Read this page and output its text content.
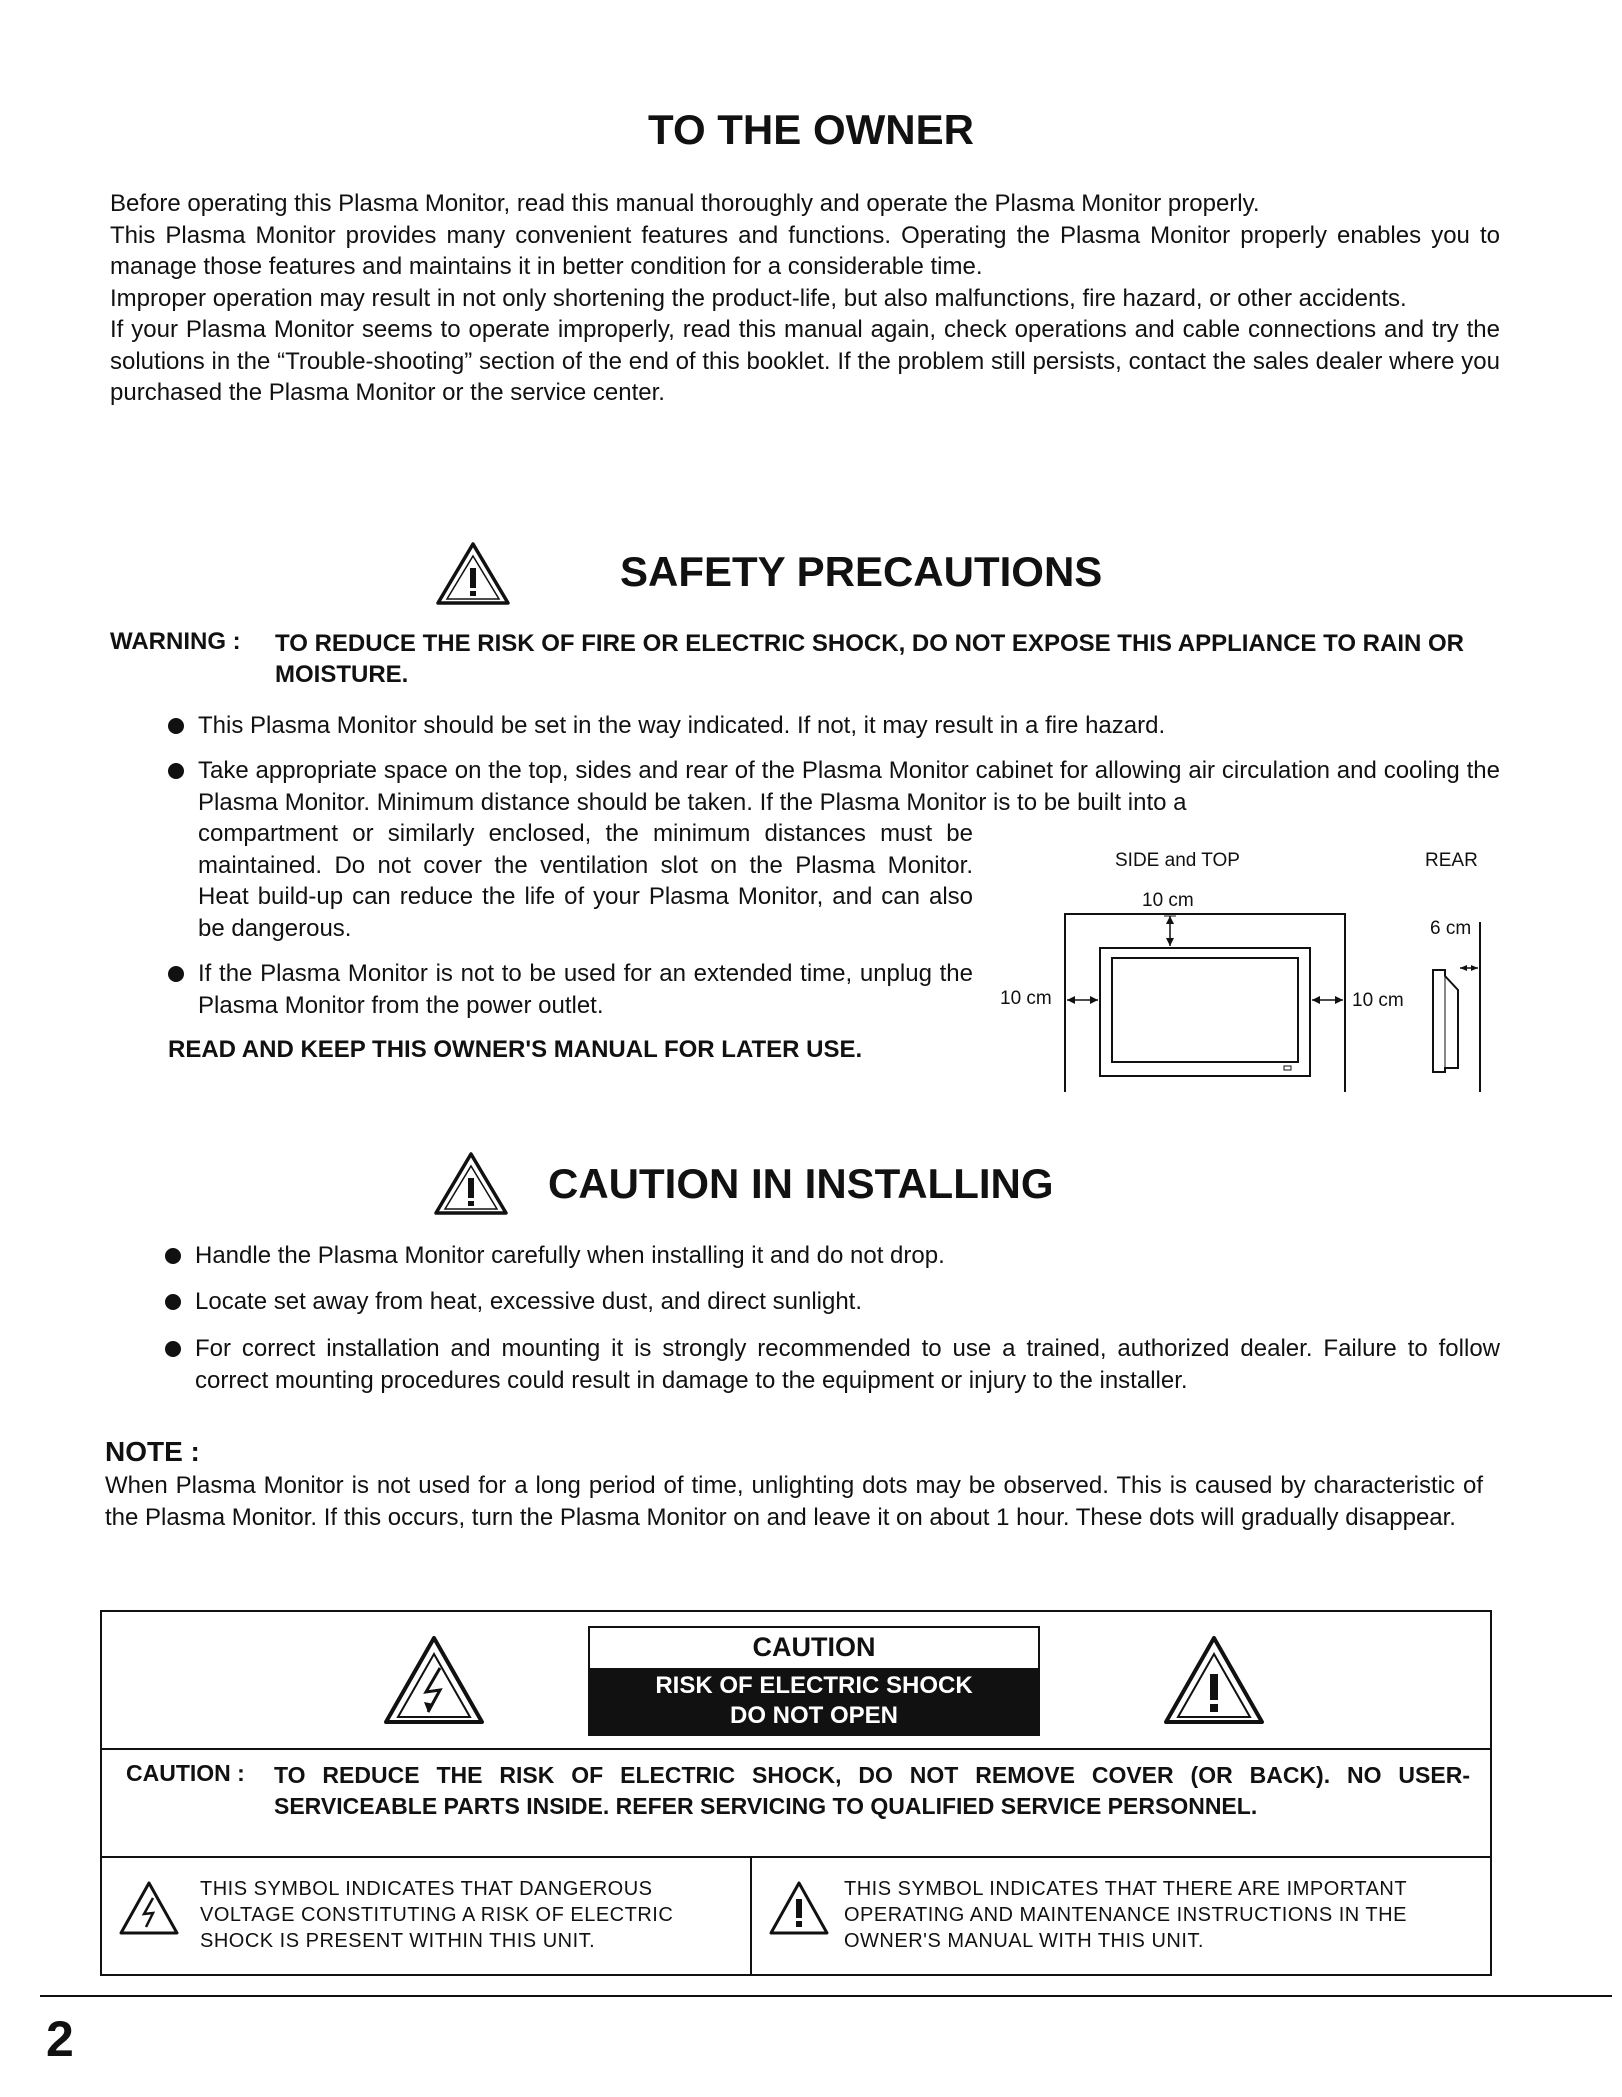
TO THE OWNER

Before operating this Plasma Monitor, read this manual thoroughly and operate the Plasma Monitor properly.

This Plasma Monitor provides many convenient features and functions. Operating the Plasma Monitor properly enables you to manage those features and maintains it in better condition for a considerable time.

Improper operation may result in not only shortening the product-life, but also malfunctions, fire hazard, or other accidents.

If your Plasma Monitor seems to operate improperly, read this manual again, check operations and cable connections and try the solutions in the “Trouble-shooting” section of the end of this booklet. If the problem still persists, contact the sales dealer where you purchased the Plasma Monitor or the service center.

SAFETY PRECAUTIONS
WARNING : TO REDUCE THE RISK OF FIRE OR ELECTRIC SHOCK, DO NOT EXPOSE THIS APPLIANCE TO RAIN OR MOISTURE.
This Plasma Monitor should be set in the way indicated. If not, it may result in a fire hazard.
Take appropriate space on the top, sides and rear of the Plasma Monitor cabinet for allowing air circulation and cooling the Plasma Monitor. Minimum distance should be taken. If the Plasma Monitor is to be built into a
compartment or similarly enclosed, the minimum distances must be maintained. Do not cover the ventilation slot on the Plasma Monitor. Heat build-up can reduce the life of your Plasma Monitor, and can also be dangerous.
If the Plasma Monitor is not to be used for an extended time, unplug the Plasma Monitor from the power outlet.
READ AND KEEP THIS OWNER'S MANUAL FOR LATER USE.
SIDE and TOP	REAR
10 cm
6 cm
10 cm	10 cm
CAUTION IN INSTALLING
Handle the Plasma Monitor carefully when installing it and do not drop.
Locate set away from heat, excessive dust, and direct sunlight.
For correct installation and mounting it is strongly recommended to use a trained, authorized dealer. Failure to follow correct mounting procedures could result in damage to the equipment or injury to the installer.
NOTE :
When Plasma Monitor is not used for a long period of time, unlighting dots may be observed. This is caused by characteristic of the Plasma Monitor. If this occurs, turn the Plasma Monitor on and leave it on about 1 hour. These dots will gradually disappear.
CAUTION
RISK OF ELECTRIC SHOCK
DO NOT OPEN
CAUTION : TO REDUCE THE RISK OF ELECTRIC SHOCK, DO NOT REMOVE COVER (OR BACK). NO USER-SERVICEABLE PARTS INSIDE. REFER SERVICING TO QUALIFIED SERVICE PERSONNEL.
THIS SYMBOL INDICATES THAT DANGEROUS VOLTAGE CONSTITUTING A RISK OF ELECTRIC SHOCK IS PRESENT WITHIN THIS UNIT.
THIS SYMBOL INDICATES THAT THERE ARE IMPORTANT OPERATING AND MAINTENANCE INSTRUCTIONS IN THE OWNER'S MANUAL WITH THIS UNIT.
2
